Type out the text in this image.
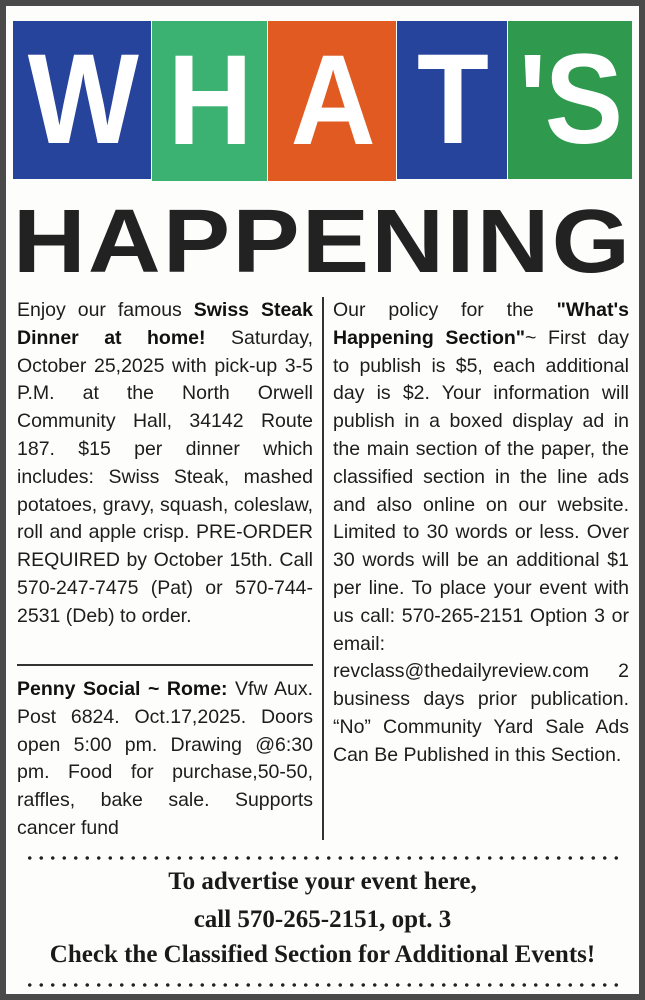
W H A T 'S
HAPPENING
Enjoy our famous Swiss Steak Dinner at home! Saturday, October 25,2025 with pick-up 3-5 P.M. at the North Orwell Community Hall, 34142 Route 187. $15 per dinner which includes: Swiss Steak, mashed potatoes, gravy, squash, coleslaw, roll and apple crisp. PRE-ORDER REQUIRED by October 15th. Call 570-247-7475 (Pat) or 570-744-2531 (Deb) to order.
Penny Social ~ Rome: Vfw Aux. Post 6824. Oct.17,2025. Doors open 5:00 pm. Drawing @6:30 pm. Food for purchase,50-50, raffles, bake sale. Supports cancer fund
Our policy for the "What's Happening Section"~ First day to publish is $5, each additional day is $2. Your information will publish in a boxed display ad in the main section of the paper, the classified section in the line ads and also online on our website. Limited to 30 words or less. Over 30 words will be an additional $1 per line. To place your event with us call: 570-265-2151 Option 3 or email: revclass@thedailyreview.com 2 business days prior publication. “No” Community Yard Sale Ads Can Be Published in this Section.
To advertise your event here,
call 570-265-2151, opt. 3
Check the Classified Section for Additional Events!
